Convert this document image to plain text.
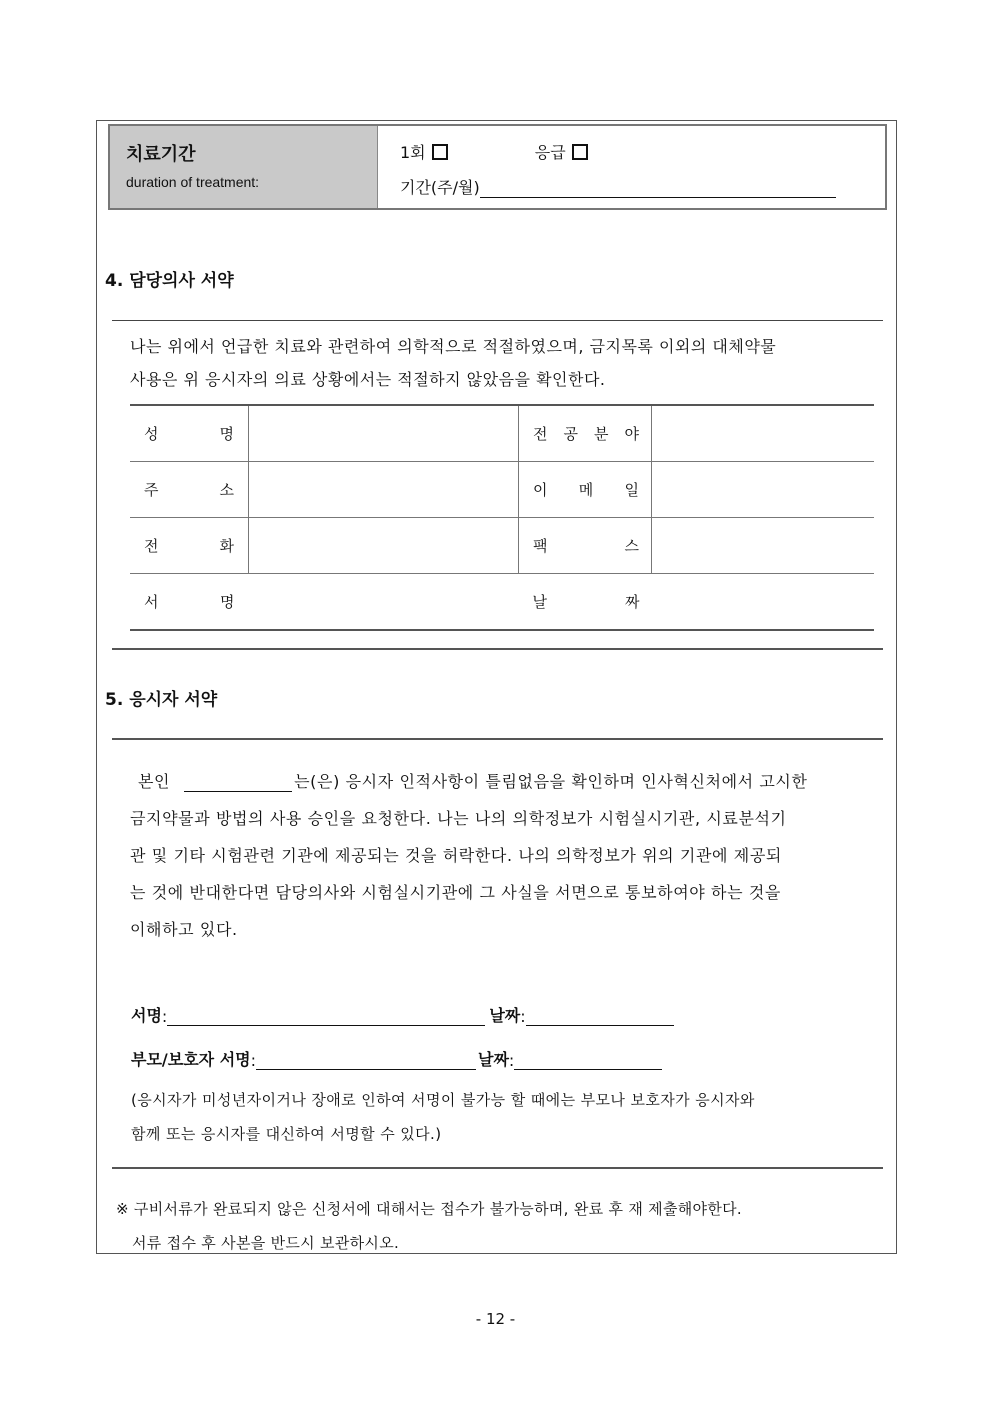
치료기간
duration of treatment:
1회
	응급
기간(주/월)
4. 담당의사 서약
나는 위에서 언급한 치료와 관련하여 의학적으로 적절하였으며, 금지목록 이외의 대체약물
사용은 위 응시자의 의료 상황에서는 적절하지 않았음을 확인한다.
성 명		전 공 분 야	

주 소		이 메 일	

전 화		팩 스	

서 명		날 짜	

5. 응시자 서약
본인	는(은) 응시자 인적사항이 틀림없음을 확인하며 인사혁신처에서 고시한
금지약물과 방법의 사용 승인을 요청한다. 나는 나의 의학정보가 시험실시기관, 시료분석기
관 및 기타 시험관련 기관에 제공되는 것을 허락한다. 나의 의학정보가 위의 기관에 제공되
는 것에 반대한다면 담당의사와 시험실시기관에 그 사실을 서면으로 통보하여야 하는 것을
이해하고 있다.
서명 :	날짜 :
부모/보호자 서명 :	날짜 :
(응시자가 미성년자이거나 장애로 인하여 서명이 불가능 할 때에는 부모나 보호자가 응시자와
함께 또는 응시자를 대신하여 서명할 수 있다.)
※ 구비서류가 완료되지 않은 신청서에 대해서는 접수가 불가능하며, 완료 후 재 제출해야한다.
서류 접수 후 사본을 반드시 보관하시오.
- 12 -
